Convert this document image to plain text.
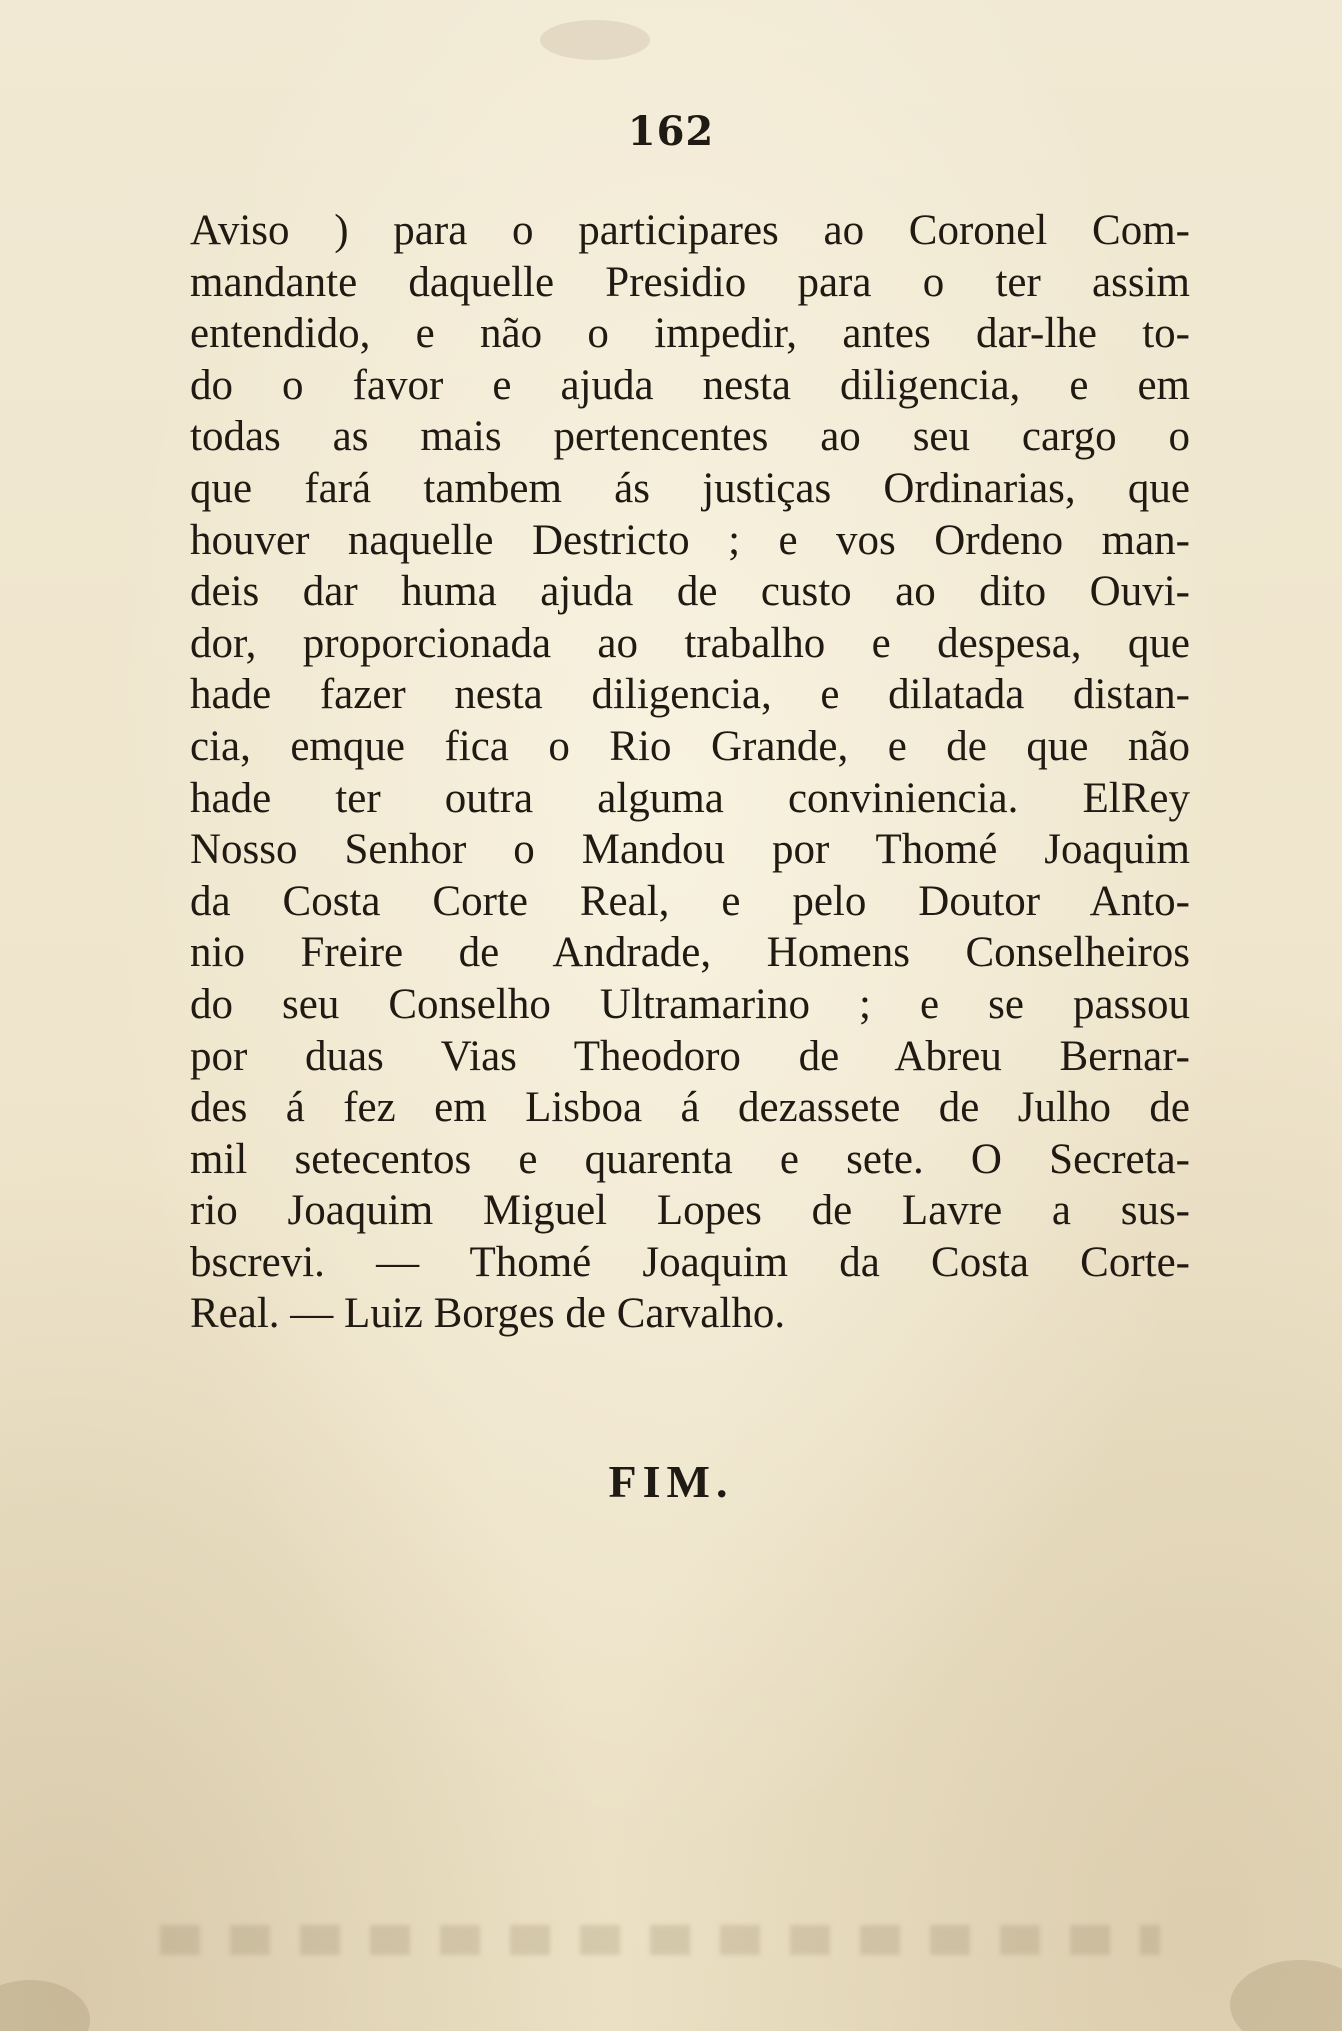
162
Aviso ) para o participares ao Coronel Com-
mandante daquelle Presidio para o ter assim
entendido, e não o impedir, antes dar-lhe to-
do o favor e ajuda nesta diligencia, e em
todas as mais pertencentes ao seu cargo o
que fará tambem ás justiças Ordinarias, que
houver naquelle Destricto ; e vos Ordeno man-
deis dar huma ajuda de custo ao dito Ouvi-
dor, proporcionada ao trabalho e despesa, que
hade fazer nesta diligencia, e dilatada distan-
cia, emque fica o Rio Grande, e de que não
hade ter outra alguma conviniencia. ElRey
Nosso Senhor o Mandou por Thomé Joaquim
da Costa Corte Real, e pelo Doutor Anto-
nio Freire de Andrade, Homens Conselheiros
do seu Conselho Ultramarino ; e se passou
por duas Vias Theodoro de Abreu Bernar-
des á fez em Lisboa á dezassete de Julho de
mil setecentos e quarenta e sete. O Secreta-
rio Joaquim Miguel Lopes de Lavre a sus-
bscrevi. — Thomé Joaquim da Costa Corte-
Real. — Luiz Borges de Carvalho.
FIM.
